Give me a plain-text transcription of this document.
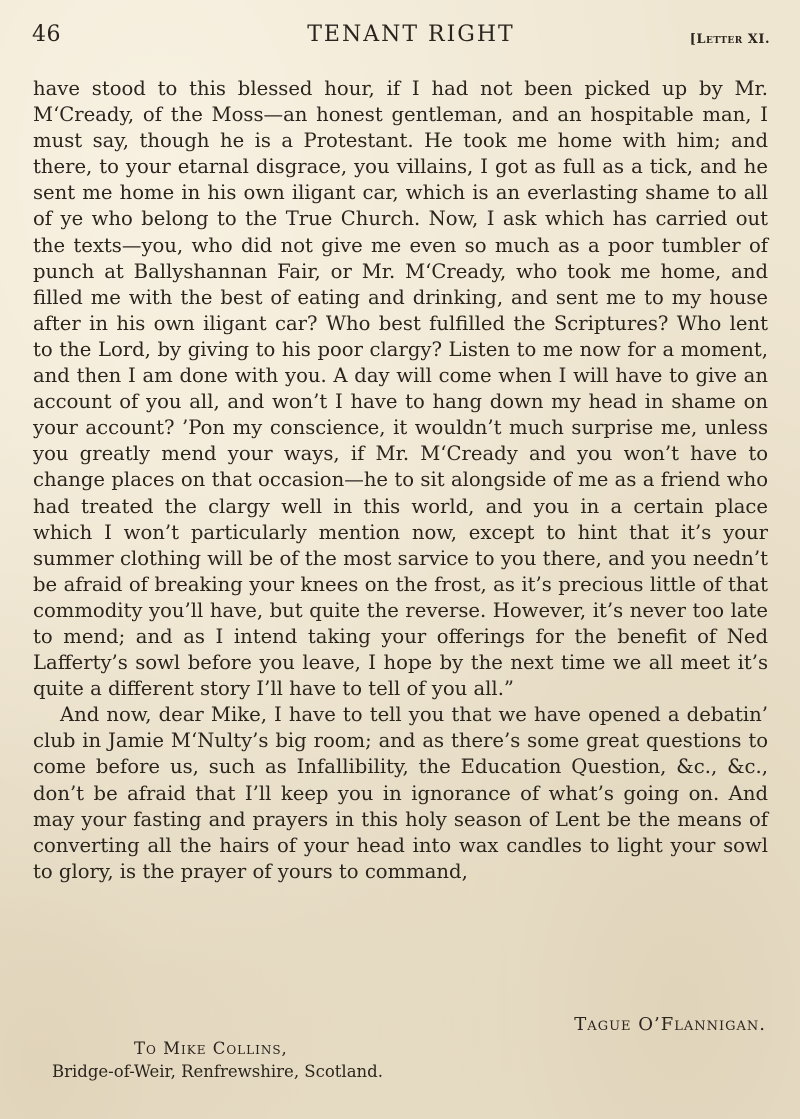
46	TENANT RIGHT	[Letter XI.

have stood to this blessed hour, if I had not been picked up by Mr. M‘Cready, of the Moss—an honest gentleman, and an hospitable man, I must say, though he is a Protestant. He took me home with him; and there, to your etarnal disgrace, you villains, I got as full as a tick, and he sent me home in his own iligant car, which is an everlasting shame to all of ye who belong to the True Church. Now, I ask which has carried out the texts—you, who did not give me even so much as a poor tumbler of punch at Ballyshannan Fair, or Mr. M‘Cready, who took me home, and filled me with the best of eating and drinking, and sent me to my house after in his own iligant car? Who best fulfilled the Scriptures? Who lent to the Lord, by giving to his poor clargy? Listen to me now for a moment, and then I am done with you. A day will come when I will have to give an account of you all, and won’t I have to hang down my head in shame on your account? ’Pon my conscience, it wouldn’t much surprise me, unless you greatly mend your ways, if Mr. M‘Cready and you won’t have to change places on that occasion—he to sit alongside of me as a friend who had treated the clargy well in this world, and you in a certain place which I won’t particularly mention now, except to hint that it’s your summer clothing will be of the most sarvice to you there, and you needn’t be afraid of breaking your knees on the frost, as it’s precious little of that commodity you’ll have, but quite the reverse. However, it’s never too late to mend; and as I intend taking your offerings for the benefit of Ned Lafferty’s sowl before you leave, I hope by the next time we all meet it’s quite a different story I’ll have to tell of you all.”

And now, dear Mike, I have to tell you that we have opened a debatin’ club in Jamie M‘Nulty’s big room; and as there’s some great questions to come before us, such as Infallibility, the Education Question, &c., &c., don’t be afraid that I’ll keep you in ignorance of what’s going on. And may your fasting and prayers in this holy season of Lent be the means of converting all the hairs of your head into wax candles to light your sowl to glory, is the prayer of yours to command,

Tague O’Flannigan.
To Mike Collins,
Bridge-of-Weir, Renfrewshire, Scotland.
